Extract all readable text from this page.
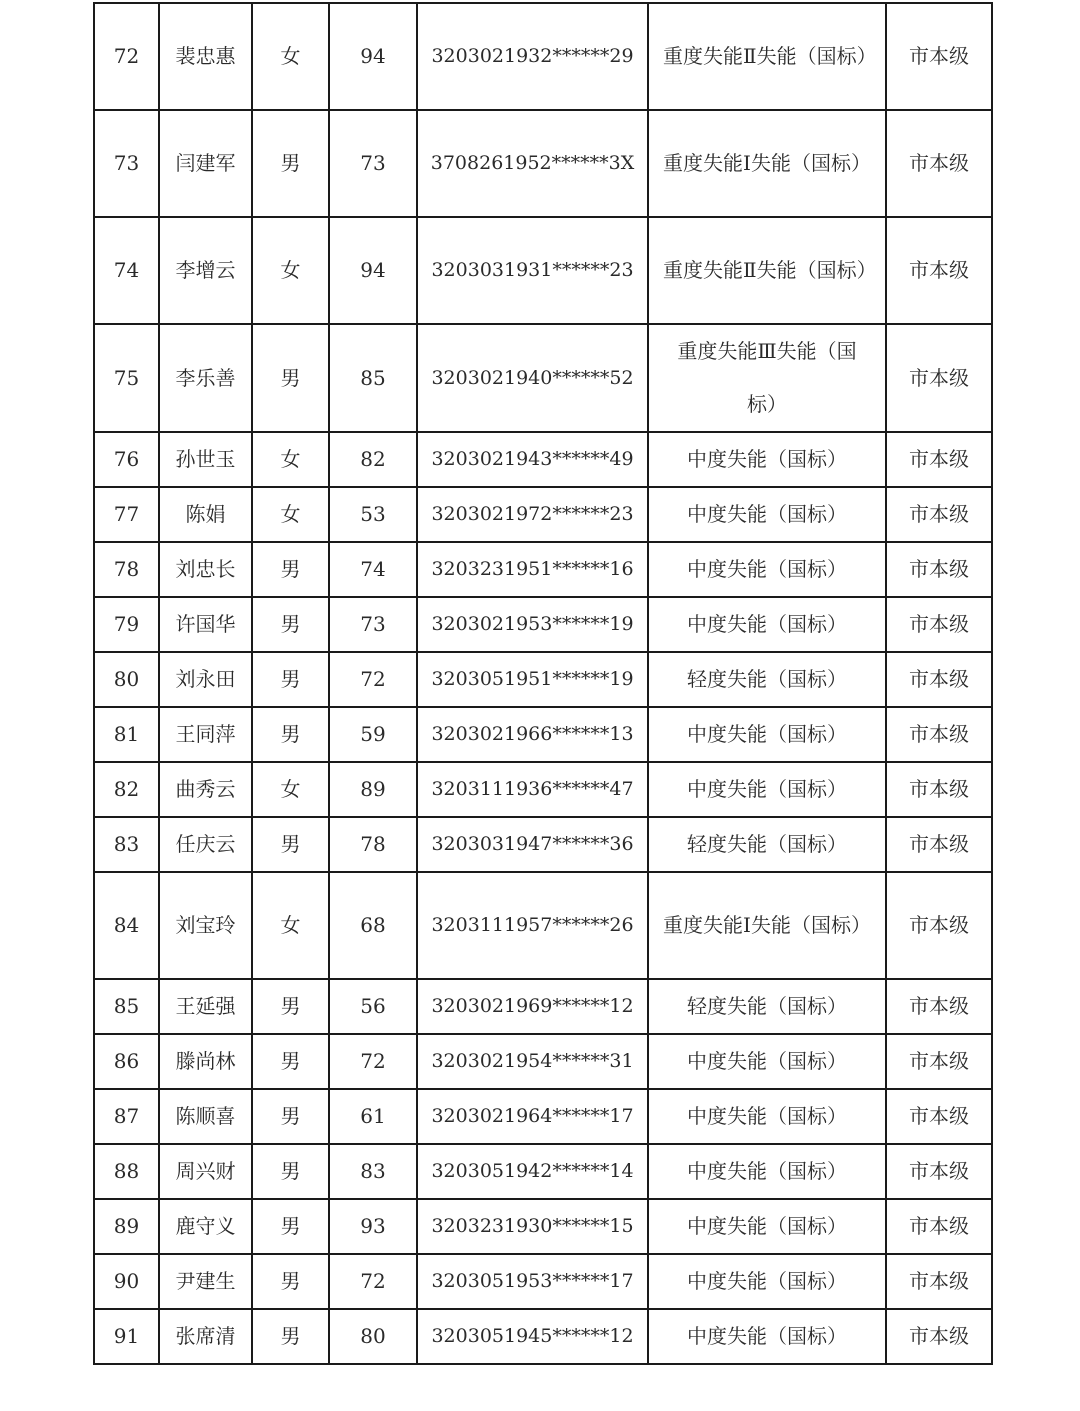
72	裴忠惠	女	94	3203021932******29	重度失能Ⅱ失能（国标）	市本级
73	闫建军	男	73	3708261952******3X	重度失能Ⅰ失能（国标）	市本级
74	李增云	女	94	3203031931******23	重度失能Ⅱ失能（国标）	市本级
75	李乐善	男	85	3203021940******52	重度失能Ⅲ失能（国标）	市本级
76	孙世玉	女	82	3203021943******49	中度失能（国标）	市本级
77	陈娟	女	53	3203021972******23	中度失能（国标）	市本级
78	刘忠长	男	74	3203231951******16	中度失能（国标）	市本级
79	许国华	男	73	3203021953******19	中度失能（国标）	市本级
80	刘永田	男	72	3203051951******19	轻度失能（国标）	市本级
81	王同萍	男	59	3203021966******13	中度失能（国标）	市本级
82	曲秀云	女	89	3203111936******47	中度失能（国标）	市本级
83	任庆云	男	78	3203031947******36	轻度失能（国标）	市本级
84	刘宝玲	女	68	3203111957******26	重度失能Ⅰ失能（国标）	市本级
85	王延强	男	56	3203021969******12	轻度失能（国标）	市本级
86	滕尚林	男	72	3203021954******31	中度失能（国标）	市本级
87	陈顺喜	男	61	3203021964******17	中度失能（国标）	市本级
88	周兴财	男	83	3203051942******14	中度失能（国标）	市本级
89	鹿守义	男	93	3203231930******15	中度失能（国标）	市本级
90	尹建生	男	72	3203051953******17	中度失能（国标）	市本级
91	张席清	男	80	3203051945******12	中度失能（国标）	市本级
